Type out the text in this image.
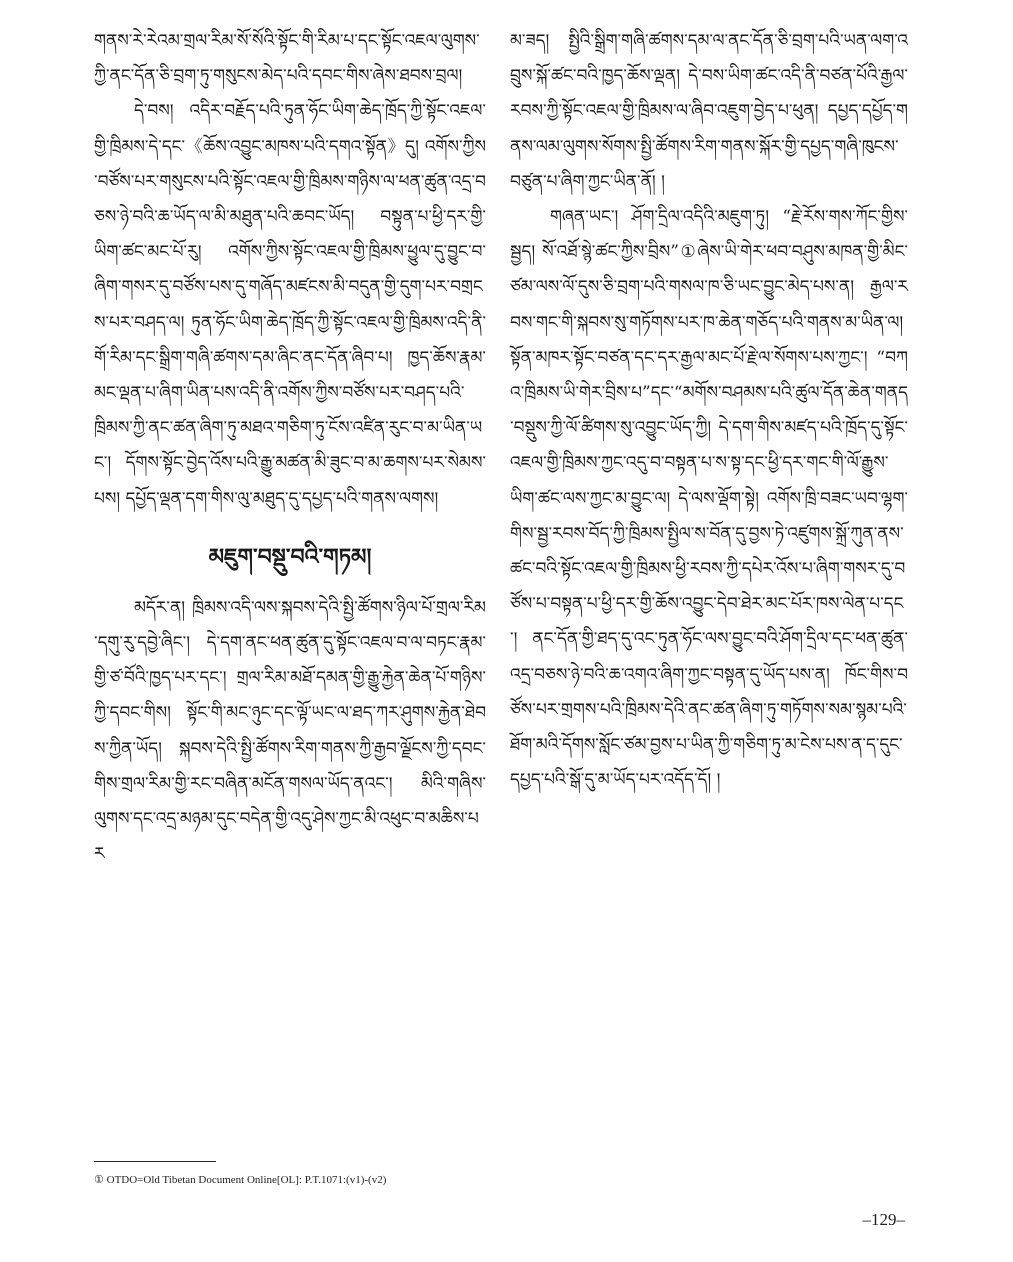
གནས་རེ་རེའམ་གྲལ་རིམ་སོ་སོའི་སྟོང་གི་རིམ་པ་དང་སྟོང་འཇལ་ལུགས་ཀྱི་ནང་དོན་ཅི་བྲག་ཏུ་གསུངས་མེད་པའི་དབང་གིས་ཞེས་ཐབས་བྲལ།

དེ་བས། འདིར་བརྗོད་པའི་ཏུན་ཧོང་ཡིག་ཆེད་ཁྲོད་ཀྱི་སྟོང་འཇལ་གྱི་ཁྲིམས་དེ་དང་《ཆོས་འབྱུང་མཁས་པའི་དགའ་སྟོན》དུ། འགོས་ཀྱིས་བཙོས་པར་གསུངས་པའི་སྟོང་འཇལ་གྱི་ཁྲིམས་གཉིས་ལ་ཕན་ཚུན་འདྲ་བཅས་ཉེ་བའི་ཆ་ཡོད་ལ་མི་མཐུན་པའི་ཆབང་ཡོད། བསྟུན་པ་ཕྱི་དར་གྱི་ཡིག་ཚང་མང་པོ་རུ། འགོས་ཀྱིས་སྟོང་འཇལ་གྱི་ཁྲིམས་ཕྱུལ་དུ་བྱུང་བ་ཞིག་གསར་དུ་བཙོས་པས་དུ་གཞོད་མཛངས་མི་བདུན་གྱི་དུག་པར་བགྲངས་པར་བཤད་ལ། ཏུན་ཧོང་ཡིག་ཆེད་ཁྲོད་ཀྱི་སྟོང་འཇལ་གྱི་ཁྲིམས་འདི་ནི་གོ་རིམ་དང་སྒྲིག་གཞི་ཚགས་དམ་ཞིང་ནང་དོན་ཞིབ་པ། ཁྱད་ཆོས་རྣམ་མང་ལྡན་པ་ཞིག་ཡིན་པས་འདི་ནི་འགོས་ཀྱིས་བཙོས་པར་བཤད་པའི་ཁྲིམས་ཀྱི་ནང་ཚན་ཞིག་ཏུ་མཐའ་གཅིག་ཏུ་ངོས་འཛིན་རུང་བ་མ་ཡིན་ཡང་། དོགས་སྟོང་བྱེད་འོས་པའི་རྒྱུ་མཚན་མི་ཟུང་བ་མ་ཆགས་པར་སེམས་པས། དཔྱོད་ལྡན་དག་གིས་ལུ་མཐུད་དུ་དཔྱད་པའི་གནས་ལགས།

མཇུག་བསྡུ་བའི་གཏམ།

མདོར་ན། ཁྲིམས་འདི་ལས་སྐབས་དེའི་སྤྱི་ཚོགས་ཉིལ་པོ་གྲལ་རིམ་དགུ་རུ་དབྱེ་ཞིང་། དེ་དག་ནང་ཕན་ཚུན་དུ་སྟོང་འཇལ་བ་ལ་བཏང་རྣམ་གྱི་ཙ་བོའི་ཁྱད་པར་དང་། གྲལ་རིམ་མཐོ་དམན་གྱི་རྒྱུ་རྐྱེན་ཆེན་པོ་གཉིས་ཀྱི་དབང་གིས། སྟོང་གི་མང་ཉུང་དང་ལྟོ་ཡང་ལ་ཐད་ཀར་ཤུགས་རྐྱེན་ཐེབས་ཀྱིན་ཡོད། སྐབས་དེའི་སྤྱི་ཚོགས་རིག་གནས་ཀྱི་རྒྱབ་ལྗོངས་ཀྱི་དབང་གིས་གྲལ་རིམ་གྱི་རང་བཞིན་མངོན་གསལ་ཡོད་ནའང་། མིའི་གཞིས་ལུགས་དང་འདྲ་མཉམ་དུང་བདེན་གྱི་འདུ་ཤེས་ཀྱང་མི་འཕུང་བ་མཆིས་པར

མ་ཟད། སྤྱིའི་སྒྲིག་གཞི་ཚགས་དམ་ལ་ནང་དོན་ཅི་བྲག་པའི་ཡན་ལག་འབྲུས་སྐོ་ཚང་བའི་ཁྱད་ཆོས་ལྡན། དེ་བས་ཡིག་ཚང་འདི་ནི་བཙན་པོའི་རྒྱལ་རབས་ཀྱི་སྟོང་འཇལ་གྱི་ཁྲིམས་ལ་ཞིབ་འཇུག་བྱེད་པ་ཕུན། དཔྱད་དཔྱོད་གནས་ལམ་ལུགས་སོགས་སྤྱི་ཚོགས་རིག་གནས་སྐོར་གྱི་དཔྱད་གཞི་ཁུངས་བཙུན་པ་ཞིག་ཀྱང་ཡིན་ནོ། །

གཞན་ཡང་། ཤོག་དྲིལ་འདིའི་མཇུག་ཏུ། “རྗེ་རོས་གས་ཀོང་གྱིས་སྦྱད། སོ་འཐོ་སྙེ་ཚང་ཀྱིས་བྲིས”①ཞེས་ཡི་གེར་ཕབ་བཤུས་མཁན་གྱི་མིང་ཙམ་ལས་ལོ་དུས་ཅི་བྲག་པའི་གསལ་ཁ་ཅི་ཡང་བྱུང་མེད་པས་ན། རྒྱལ་རབས་གང་གི་སྐབས་སུ་གཏོགས་པར་ཁ་ཆེན་གཅོད་པའི་གནས་མ་ཡིན་ལ། སྟོན་མཁར་སྟོང་བཙན་དང་དར་རྒྱལ་མང་པོ་རྗེ་ལ་སོགས་པས་ཀྱང་། “བཀའ་ཁྲིམས་ཡི་གེར་བྲིས་པ”དང་“མགོས་བཤམས་པའི་ཚུལ་དོན་ཆེན་གནད་བསྡུས་ཀྱི་ལོ་ཚིགས་སུ་འབྱུང་ཡོད་ཀྱི། དེ་དག་གིས་མཛད་པའི་ཁྲོད་དུ་སྟོང་འཇལ་གྱི་ཁྲིམས་ཀྱང་འདུ་བ་བསྟན་པ་ས་སྟ་དང་ཕྱི་དར་གང་གི་ལོ་རྒྱུས་ཡིག་ཚང་ལས་ཀྱང་མ་བྱུང་ལ། དེ་ལས་ལྡོག་སྟེ། འགོས་ཁྲི་བཟང་ཡབ་ལྷག་གིས་སྦྱ་རབས་བོད་ཀྱི་ཁྲིམས་སྤྱིལ་ས་བོན་དུ་བྱས་ཏེ་འཛུགས་སྐྲོ་ཀུན་ནས་ཚང་བའི་སྟོང་འཇལ་གྱི་ཁྲིམས་ཕྱི་རབས་ཀྱི་དཔེར་འོས་པ་ཞིག་གསར་དུ་བཙོས་པ་བསྟན་པ་ཕྱི་དར་གྱི་ཆོས་འབྱུང་དེབ་ཐེར་མང་པོར་ཁས་ལེན་པ་དང་། ནང་དོན་གྱི་ཐད་དུ་འང་ཏུན་ཧོང་ལས་བྱུང་བའི་ཤོག་དྲིལ་དང་ཕན་ཚུན་འདྲ་བཅས་ཉེ་བའི་ཆ་འགའ་ཞིག་ཀྱང་བསྟན་དུ་ཡོད་པས་ན། ཁོང་གིས་བཙོས་པར་གྲགས་པའི་ཁྲིམས་དེའི་ནང་ཚན་ཞིག་ཏུ་གཏོགས་སམ་སྙམ་པའི་ཐོག་མའི་དོགས་སློང་ཙམ་བྱས་པ་ཡིན་ཀྱི་གཅིག་ཏུ་མ་ངེས་པས་ན་ད་དུང་དཔྱད་པའི་སྒོ་དུ་མ་ཡོད་པར་འདོད་དོ། །

① OTDO=Old Tibetan Document Online[OL]: P.T.1071:(v1)-(v2)
–129–
